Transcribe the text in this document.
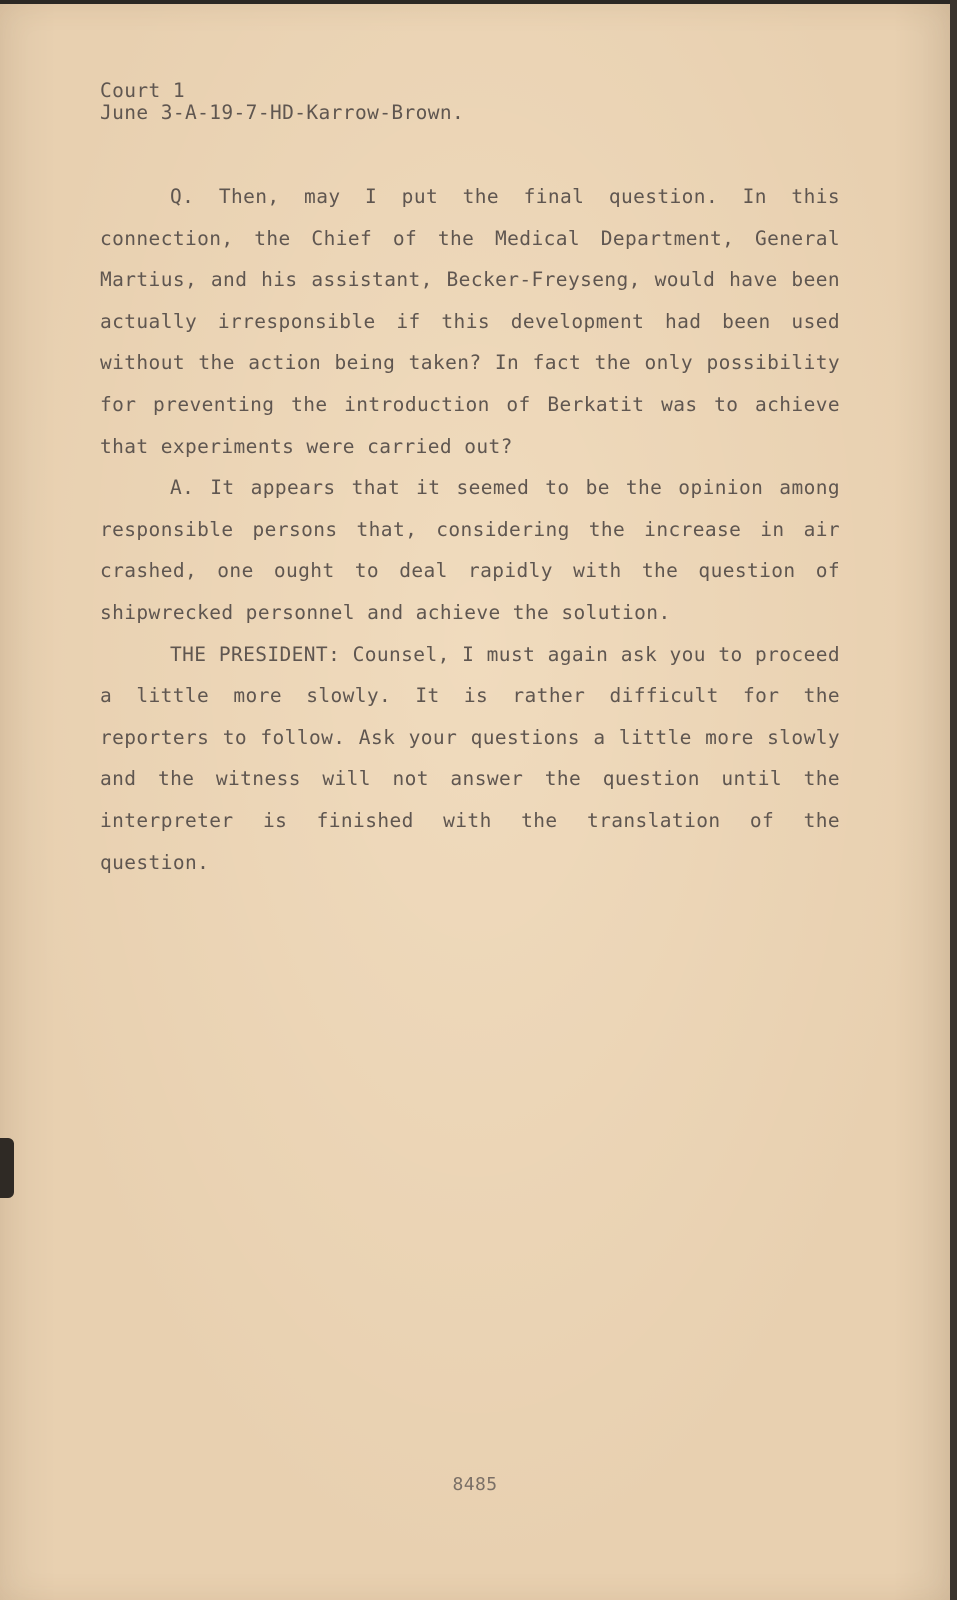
Court 1
June 3-A-19-7-HD-Karrow-Brown.

Q. Then, may I put the final question. In this connection, the Chief of the Medical Department, General Martius, and his assistant, Becker-Freyseng, would have been actually irresponsible if this development had been used without the action being taken? In fact the only possibility for preventing the introduction of Berkatit was to achieve that experiments were carried out?

A. It appears that it seemed to be the opinion among responsible persons that, considering the increase in air crashed, one ought to deal rapidly with the question of shipwrecked personnel and achieve the solution.

THE PRESIDENT: Counsel, I must again ask you to proceed a little more slowly. It is rather difficult for the reporters to follow. Ask your questions a little more slowly and the witness will not answer the question until the interpreter is finished with the translation of the question.

8485
